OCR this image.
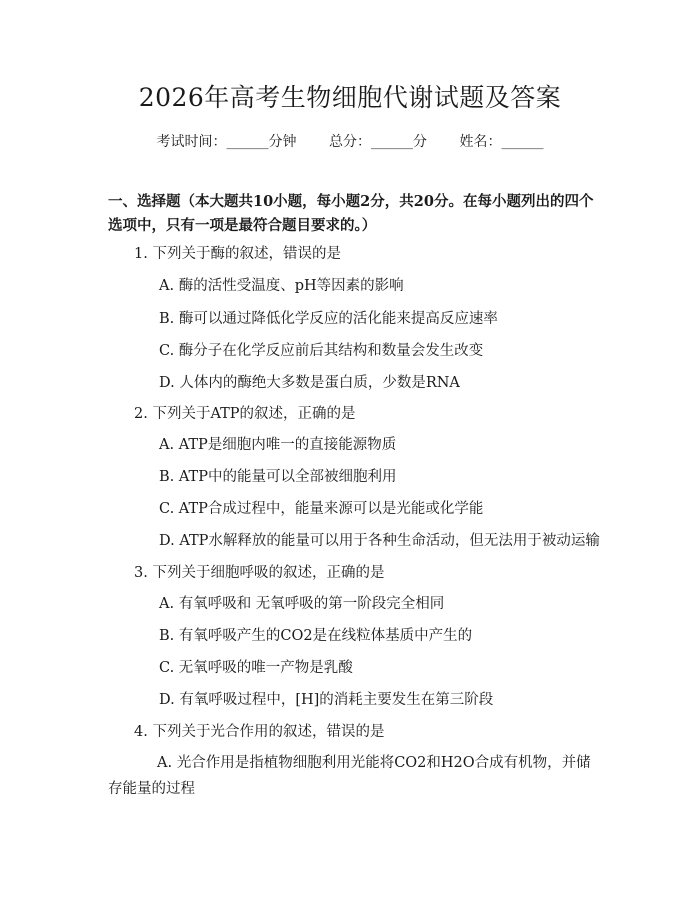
2026年高考生物细胞代谢试题及答案
考试时间：______分钟 总分：______分 姓名：______
一、选择题（本大题共10小题，每小题2分，共20分。在每小题列出的四个选项中，只有一项是最符合题目要求的。）
1. 下列关于酶的叙述，错误的是
A. 酶的活性受温度、pH等因素的影响
B. 酶可以通过降低化学反应的活化能来提高反应速率
C. 酶分子在化学反应前后其结构和数量会发生改变
D. 人体内的酶绝大多数是蛋白质，少数是RNA
2. 下列关于ATP的叙述，正确的是
A. ATP是细胞内唯一的直接能源物质
B. ATP中的能量可以全部被细胞利用
C. ATP合成过程中，能量来源可以是光能或化学能
D. ATP水解释放的能量可以用于各种生命活动，但无法用于被动运输
3. 下列关于细胞呼吸的叙述，正确的是
A. 有氧呼吸和 无氧呼吸的第一阶段完全相同
B. 有氧呼吸产生的CO2是在线粒体基质中产生的
C. 无氧呼吸的唯一产物是乳酸
D. 有氧呼吸过程中，[H]的消耗主要发生在第三阶段
4. 下列关于光合作用的叙述，错误的是
A. 光合作用是指植物细胞利用光能将CO2和H2O合成有机物，并储存能量的过程
